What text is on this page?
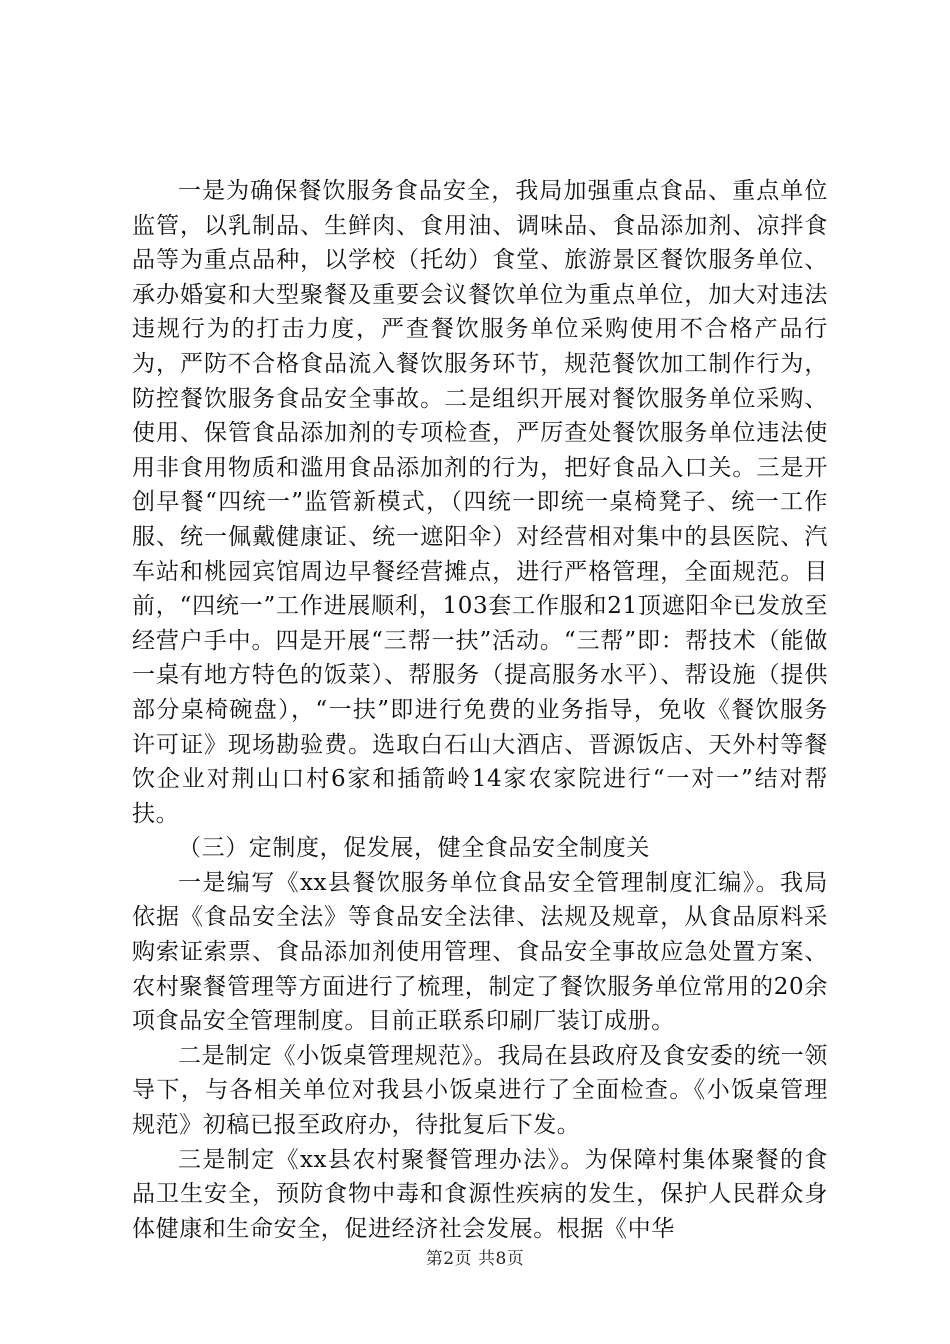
一是为确保餐饮服务食品安全，我局加强重点食品、重点单位监管，以乳制品、生鲜肉、食用油、调味品、食品添加剂、凉拌食品等为重点品种，以学校（托幼）食堂、旅游景区餐饮服务单位、承办婚宴和大型聚餐及重要会议餐饮单位为重点单位，加大对违法违规行为的打击力度，严查餐饮服务单位采购使用不合格产品行为，严防不合格食品流入餐饮服务环节，规范餐饮加工制作行为，防控餐饮服务食品安全事故。二是组织开展对餐饮服务单位采购、使用、保管食品添加剂的专项检查，严厉查处餐饮服务单位违法使用非食用物质和滥用食品添加剂的行为，把好食品入口关。三是开创早餐“四统一”监管新模式，（四统一即统一桌椅凳子、统一工作服、统一佩戴健康证、统一遮阳伞）对经营相对集中的县医院、汽车站和桃园宾馆周边早餐经营摊点，进行严格管理，全面规范。目前，“四统一”工作进展顺利，103套工作服和21顶遮阳伞已发放至经营户手中。四是开展“三帮一扶”活动。“三帮”即：帮技术（能做一桌有地方特色的饭菜）、帮服务（提高服务水平）、帮设施（提供部分桌椅碗盘），“一扶”即进行免费的业务指导，免收《餐饮服务许可证》现场勘验费。选取白石山大酒店、晋源饭店、天外村等餐饮企业对荆山口村6家和插箭岭14家农家院进行“一对一”结对帮扶。

（三）定制度，促发展，健全食品安全制度关

一是编写《xx县餐饮服务单位食品安全管理制度汇编》。我局依据《食品安全法》等食品安全法律、法规及规章，从食品原料采购索证索票、食品添加剂使用管理、食品安全事故应急处置方案、农村聚餐管理等方面进行了梳理，制定了餐饮服务单位常用的20余项食品安全管理制度。目前正联系印刷厂装订成册。

二是制定《小饭桌管理规范》。我局在县政府及食安委的统一领导下，与各相关单位对我县小饭桌进行了全面检查。《小饭桌管理规范》初稿已报至政府办，待批复后下发。

三是制定《xx县农村聚餐管理办法》。为保障村集体聚餐的食品卫生安全，预防食物中毒和食源性疾病的发生，保护人民群众身体健康和生命安全，促进经济社会发展。根据《中华

第2页 共8页
